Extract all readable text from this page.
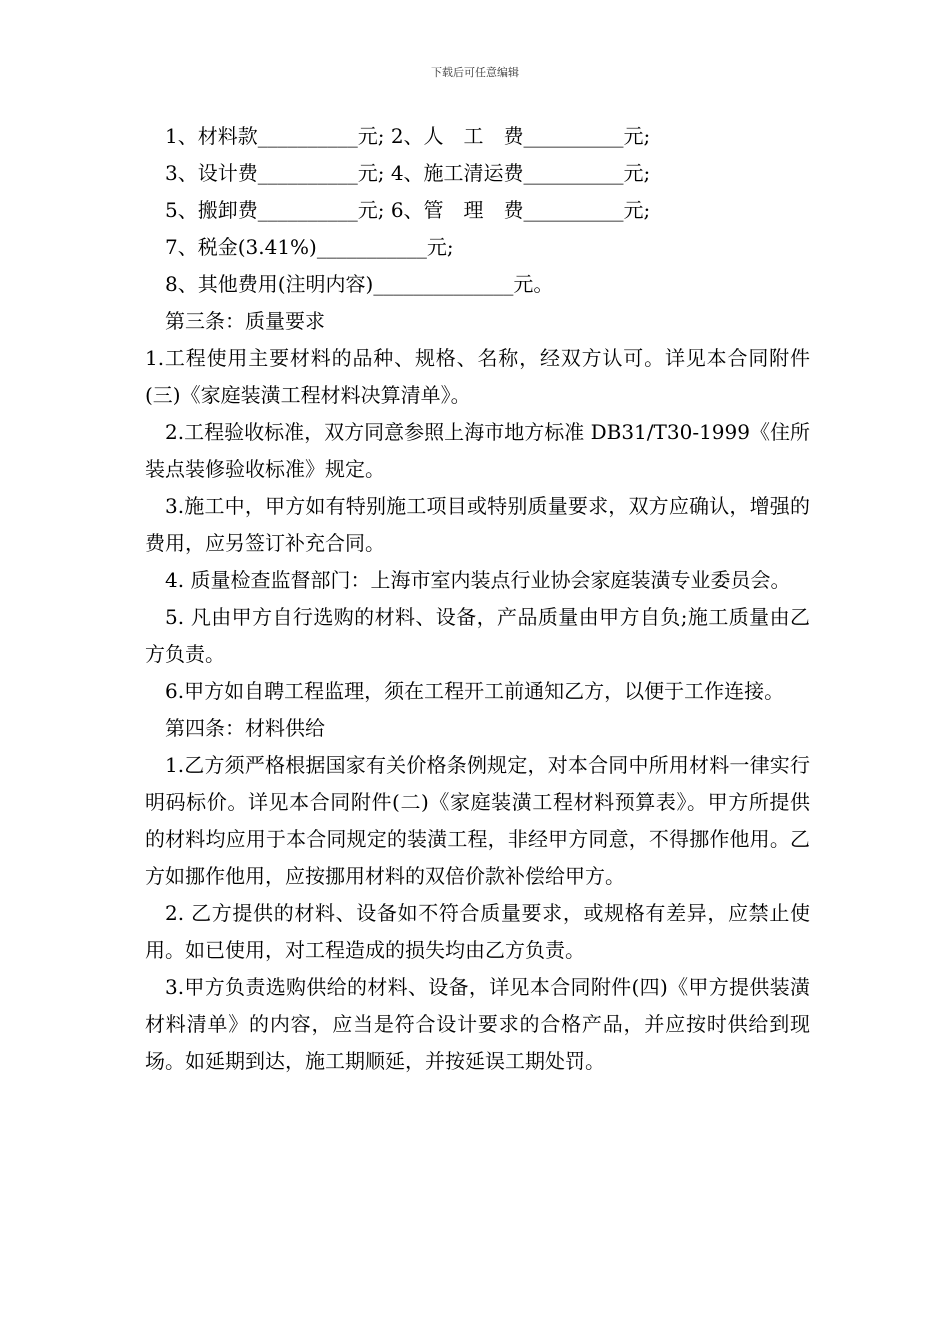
下载后可任意编辑
1、材料款__________元; 2、人　工　费__________元;
3、设计费__________元; 4、施工清运费__________元;
5、搬卸费__________元; 6、管　理　费__________元;
7、税金(3.41%)___________元;
8、其他费用(注明内容)______________元。
第三条：质量要求
1.工程使用主要材料的品种、规格、名称，经双方认可。详见本合同附件(三)《家庭装潢工程材料决算清单》。
2.工程验收标准，双方同意参照上海市地方标准 DB31/T30-1999《住所装点装修验收标准》规定。
3.施工中，甲方如有特别施工项目或特别质量要求，双方应确认，增强的费用，应另签订补充合同。
4. 质量检查监督部门：上海市室内装点行业协会家庭装潢专业委员会。
5. 凡由甲方自行选购的材料、设备，产品质量由甲方自负;施工质量由乙方负责。
6.甲方如自聘工程监理，须在工程开工前通知乙方，以便于工作连接。
第四条：材料供给
1.乙方须严格根据国家有关价格条例规定，对本合同中所用材料一律实行明码标价。详见本合同附件(二)《家庭装潢工程材料预算表》。甲方所提供的材料均应用于本合同规定的装潢工程，非经甲方同意，不得挪作他用。乙方如挪作他用，应按挪用材料的双倍价款补偿给甲方。
2. 乙方提供的材料、设备如不符合质量要求，或规格有差异，应禁止使用。如已使用，对工程造成的损失均由乙方负责。
3.甲方负责选购供给的材料、设备，详见本合同附件(四)《甲方提供装潢材料清单》的内容，应当是符合设计要求的合格产品，并应按时供给到现场。如延期到达，施工期顺延，并按延误工期处罚。
